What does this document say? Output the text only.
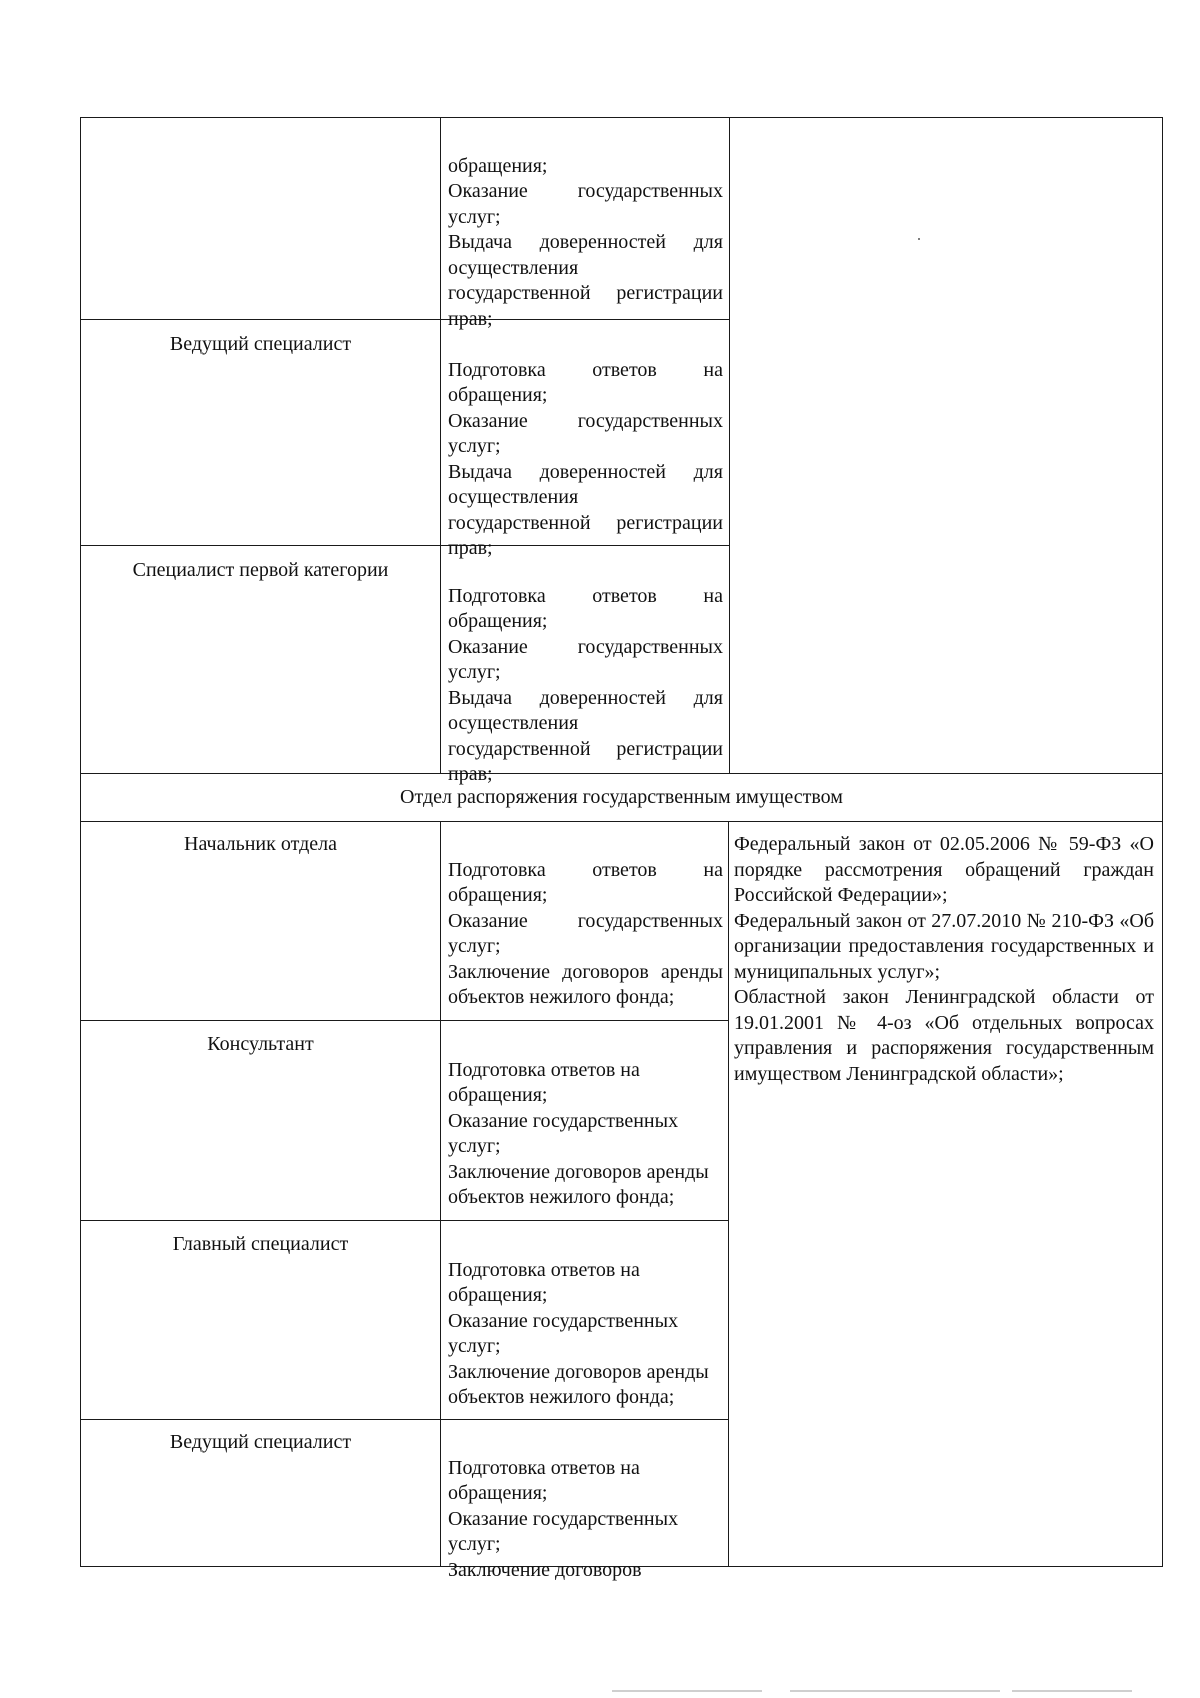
обращения;
Оказание государственных услуг;
Выдача доверенностей для осуществления государственной регистрации прав;

Ведущий специалист

Подготовка ответов на обращения;
Оказание государственных услуг;
Выдача доверенностей для осуществления государственной регистрации прав;

Специалист первой категории

Подготовка ответов на обращения;
Оказание государственных услуг;
Выдача доверенностей для осуществления государственной регистрации прав;

Отдел распоряжения государственным имуществом
Начальник отдела

Подготовка ответов на обращения;
Оказание государственных услуг;
Заключение договоров аренды объектов нежилого фонда;

Консультант

Подготовка ответов на обращения;
Оказание государственных услуг;
Заключение договоров аренды объектов нежилого фонда;

Главный специалист

Подготовка ответов на обращения;
Оказание государственных услуг;
Заключение договоров аренды объектов нежилого фонда;

Ведущий специалист

Подготовка ответов на обращения;
Оказание государственных услуг;
Заключение договоров

Федеральный закон от 02.05.2006 № 59-ФЗ «О порядке рассмотрения обращений граждан Российской Федерации»;

Федеральный закон от 27.07.2010 № 210-ФЗ «Об организации предоставления государственных и муниципальных услуг»;

Областной закон Ленинградской области от 19.01.2001 № 4-оз «Об отдельных вопросах управления и распоряжения государственным имуществом Ленинградской области»;
